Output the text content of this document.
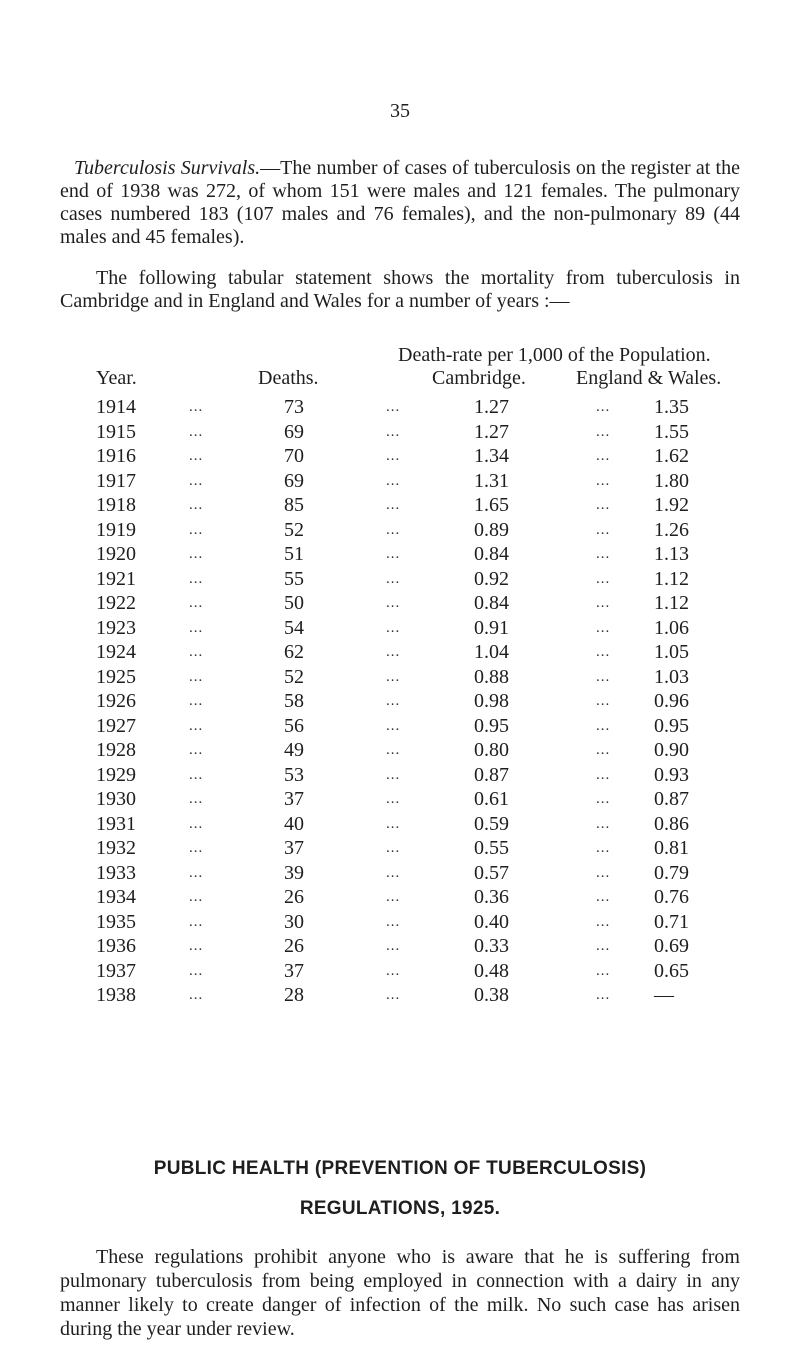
35

Tuberculosis Survivals.—The number of cases of tuberculosis on the register at the end of 1938 was 272, of whom 151 were males and 121 females. The pulmonary cases numbered 183 (107 males and 76 females), and the non-pulmonary 89 (44 males and 45 females).

The following tabular statement shows the mortality from tuberculosis in Cambridge and in England and Wales for a number of years :—

Death-rate per 1,000 of the Population.
Year.	Deaths.	Cambridge.	England & Wales.
1914	...	73	...	1.27	... 1.35
1915	...	69	...	1.27	... 1.55
1916	...	70	...	1.34	... 1.62
1917	...	69	...	1.31	... 1.80
1918	...	85	...	1.65	... 1.92
1919	...	52	...	0.89	... 1.26
1920	...	51	...	0.84	... 1.13
1921	...	55	...	0.92	... 1.12
1922	...	50	...	0.84	... 1.12
1923	...	54	...	0.91	... 1.06
1924	...	62	...	1.04	... 1.05
1925	...	52	...	0.88	... 1.03
1926	...	58	...	0.98	... 0.96
1927	...	56	...	0.95	... 0.95
1928	...	49	...	0.80	... 0.90
1929	...	53	...	0.87	... 0.93
1930	...	37	...	0.61	... 0.87
1931	...	40	...	0.59	... 0.86
1932	...	37	...	0.55	... 0.81
1933	...	39	...	0.57	... 0.79
1934	...	26	...	0.36	... 0.76
1935	...	30	...	0.40	... 0.71
1936	...	26	...	0.33	... 0.69
1937	...	37	...	0.48	... 0.65
1938	...	28	...	0.38	... —
PUBLIC HEALTH (PREVENTION OF TUBERCULOSIS)
REGULATIONS, 1925.

These regulations prohibit anyone who is aware that he is suffering from pulmonary tuberculosis from being employed in connection with a dairy in any manner likely to create danger of infection of the milk. No such case has arisen during the year under review.
